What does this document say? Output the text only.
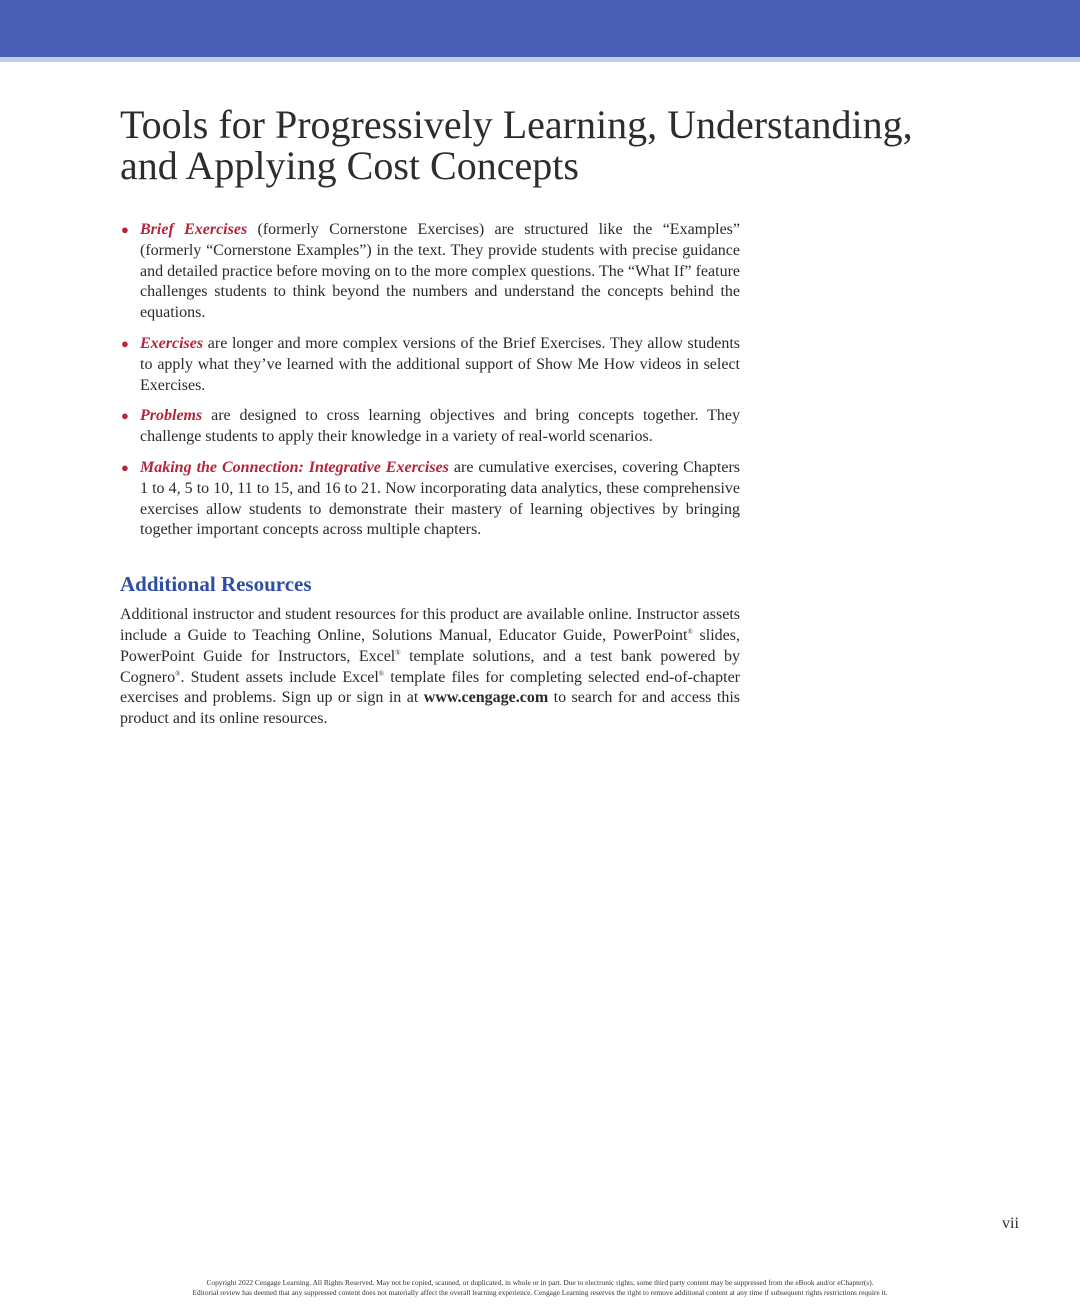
Tools for Progressively Learning, Understanding,
and Applying Cost Concepts
● Brief Exercises (formerly Cornerstone Exercises) are structured like the “Examples” (formerly “Cornerstone Examples”) in the text. They provide students with precise guidance and detailed practice before moving on to the more complex questions. The “What If” feature challenges students to think beyond the numbers and understand the concepts behind the equations.
● Exercises are longer and more complex versions of the Brief Exercises. They allow students to apply what they’ve learned with the additional support of Show Me How videos in select Exercises.
● Problems are designed to cross learning objectives and bring concepts together. They challenge students to apply their knowledge in a variety of real-world scenarios.
● Making the Connection: Integrative Exercises are cumulative exercises, covering Chapters 1 to 4, 5 to 10, 11 to 15, and 16 to 21. Now incorporating data analytics, these comprehensive exercises allow students to demonstrate their mastery of learning objectives by bringing together important concepts across multiple chapters.
Additional Resources

Additional instructor and student resources for this product are available online. Instructor assets include a Guide to Teaching Online, Solutions Manual, Educator Guide, PowerPoint® slides, PowerPoint Guide for Instructors, Excel® template solutions, and a test bank powered by Cognero®. Student assets include Excel® template files for completing selected end-of-chapter exercises and problems. Sign up or sign in at www.cengage.com to search for and access this product and its online resources.

vii

Copyright 2022 Cengage Learning. All Rights Reserved. May not be copied, scanned, or duplicated, in whole or in part. Due to electronic rights, some third party content may be suppressed from the eBook and/or eChapter(s).

Editorial review has deemed that any suppressed content does not materially affect the overall learning experience. Cengage Learning reserves the right to remove additional content at any time if subsequent rights restrictions require it.
